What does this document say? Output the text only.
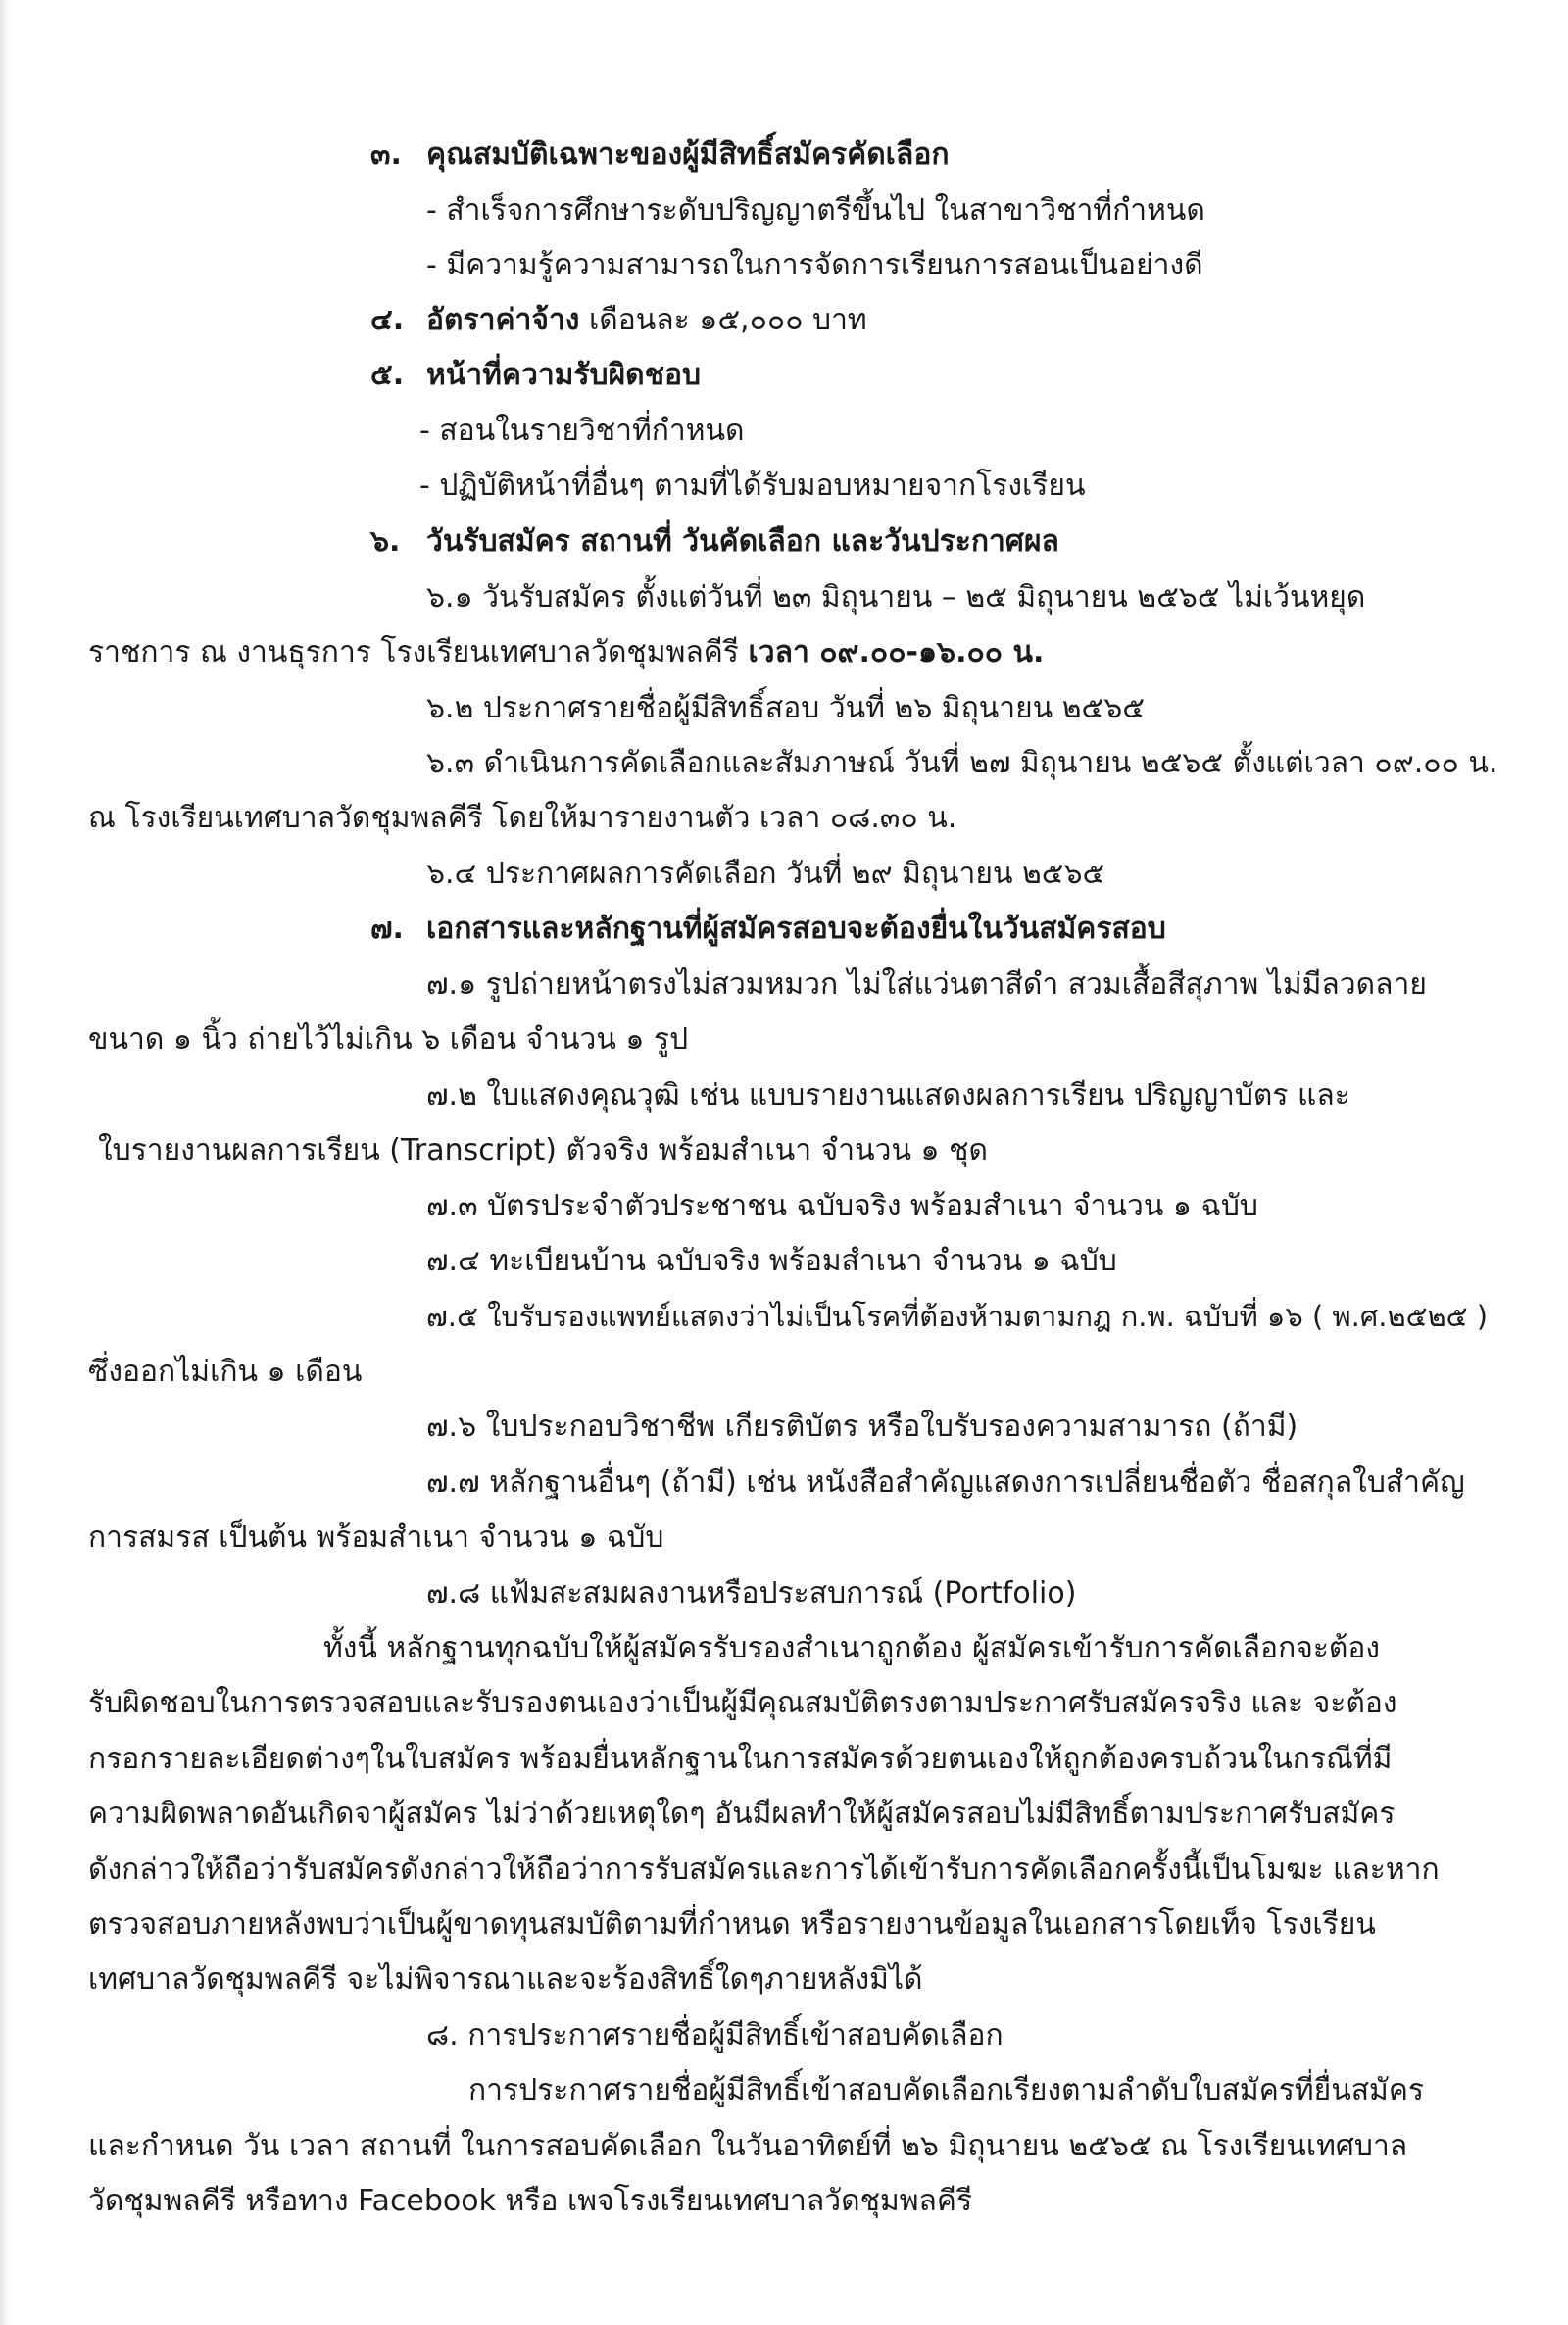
๓. คุณสมบัติเฉพาะของผู้มีสิทธิ์สมัครคัดเลือก
- สำเร็จการศึกษาระดับปริญญาตรีขึ้นไป ในสาขาวิชาที่กำหนด
- มีความรู้ความสามารถในการจัดการเรียนการสอนเป็นอย่างดี
๔. อัตราค่าจ้าง เดือนละ ๑๕,๐๐๐ บาท
๕. หน้าที่ความรับผิดชอบ
- สอนในรายวิชาที่กำหนด
- ปฏิบัติหน้าที่อื่นๆ ตามที่ได้รับมอบหมายจากโรงเรียน
๖. วันรับสมัคร สถานที่ วันคัดเลือก และวันประกาศผล
๖.๑ วันรับสมัคร ตั้งแต่วันที่ ๒๓ มิถุนายน – ๒๕ มิถุนายน ๒๕๖๕ ไม่เว้นหยุด
ราชการ ณ งานธุรการ โรงเรียนเทศบาลวัดชุมพลคีรี เวลา ๐๙.๐๐-๑๖.๐๐ น.
๖.๒ ประกาศรายชื่อผู้มีสิทธิ์สอบ วันที่ ๒๖ มิถุนายน ๒๕๖๕
๖.๓ ดำเนินการคัดเลือกและสัมภาษณ์ วันที่ ๒๗ มิถุนายน ๒๕๖๕ ตั้งแต่เวลา ๐๙.๐๐ น.
ณ โรงเรียนเทศบาลวัดชุมพลคีรี โดยให้มารายงานตัว เวลา ๐๘.๓๐ น.
๖.๔ ประกาศผลการคัดเลือก วันที่ ๒๙ มิถุนายน ๒๕๖๕
๗. เอกสารและหลักฐานที่ผู้สมัครสอบจะต้องยื่นในวันสมัครสอบ
๗.๑ รูปถ่ายหน้าตรงไม่สวมหมวก ไม่ใส่แว่นตาสีดำ สวมเสื้อสีสุภาพ ไม่มีลวดลาย
ขนาด ๑ นิ้ว ถ่ายไว้ไม่เกิน ๖ เดือน จำนวน ๑ รูป
๗.๒ ใบแสดงคุณวุฒิ เช่น แบบรายงานแสดงผลการเรียน ปริญญาบัตร และ
ใบรายงานผลการเรียน (Transcript) ตัวจริง พร้อมสำเนา จำนวน ๑ ชุด
๗.๓ บัตรประจำตัวประชาชน ฉบับจริง พร้อมสำเนา จำนวน ๑ ฉบับ
๗.๔ ทะเบียนบ้าน ฉบับจริง พร้อมสำเนา จำนวน ๑ ฉบับ
๗.๕ ใบรับรองแพทย์แสดงว่าไม่เป็นโรคที่ต้องห้ามตามกฎ ก.พ. ฉบับที่ ๑๖ ( พ.ศ.๒๕๒๕ )
ซึ่งออกไม่เกิน ๑ เดือน
๗.๖ ใบประกอบวิชาชีพ เกียรติบัตร หรือใบรับรองความสามารถ (ถ้ามี)
๗.๗ หลักฐานอื่นๆ (ถ้ามี) เช่น หนังสือสำคัญแสดงการเปลี่ยนชื่อตัว ชื่อสกุลใบสำคัญ
การสมรส เป็นต้น พร้อมสำเนา จำนวน ๑ ฉบับ
๗.๘ แฟ้มสะสมผลงานหรือประสบการณ์ (Portfolio)
ทั้งนี้ หลักฐานทุกฉบับให้ผู้สมัครรับรองสำเนาถูกต้อง ผู้สมัครเข้ารับการคัดเลือกจะต้อง
รับผิดชอบในการตรวจสอบและรับรองตนเองว่าเป็นผู้มีคุณสมบัติตรงตามประกาศรับสมัครจริง และ จะต้อง
กรอกรายละเอียดต่างๆในใบสมัคร พร้อมยื่นหลักฐานในการสมัครด้วยตนเองให้ถูกต้องครบถ้วนในกรณีที่มี
ความผิดพลาดอันเกิดจาผู้สมัคร ไม่ว่าด้วยเหตุใดๆ อันมีผลทำให้ผู้สมัครสอบไม่มีสิทธิ์ตามประกาศรับสมัคร
ดังกล่าวให้ถือว่ารับสมัครดังกล่าวให้ถือว่าการรับสมัครและการได้เข้ารับการคัดเลือกครั้งนี้เป็นโมฆะ และหาก
ตรวจสอบภายหลังพบว่าเป็นผู้ขาดทุนสมบัติตามที่กำหนด หรือรายงานข้อมูลในเอกสารโดยเท็จ โรงเรียน
เทศบาลวัดชุมพลคีรี จะไม่พิจารณาและจะร้องสิทธิ์ใดๆภายหลังมิได้
๘. การประกาศรายชื่อผู้มีสิทธิ์เข้าสอบคัดเลือก
การประกาศรายชื่อผู้มีสิทธิ์เข้าสอบคัดเลือกเรียงตามลำดับใบสมัครที่ยื่นสมัคร
และกำหนด วัน เวลา สถานที่ ในการสอบคัดเลือก ในวันอาทิตย์ที่ ๒๖ มิถุนายน ๒๕๖๕ ณ โรงเรียนเทศบาล
วัดชุมพลคีรี หรือทาง Facebook หรือ เพจโรงเรียนเทศบาลวัดชุมพลคีรี
